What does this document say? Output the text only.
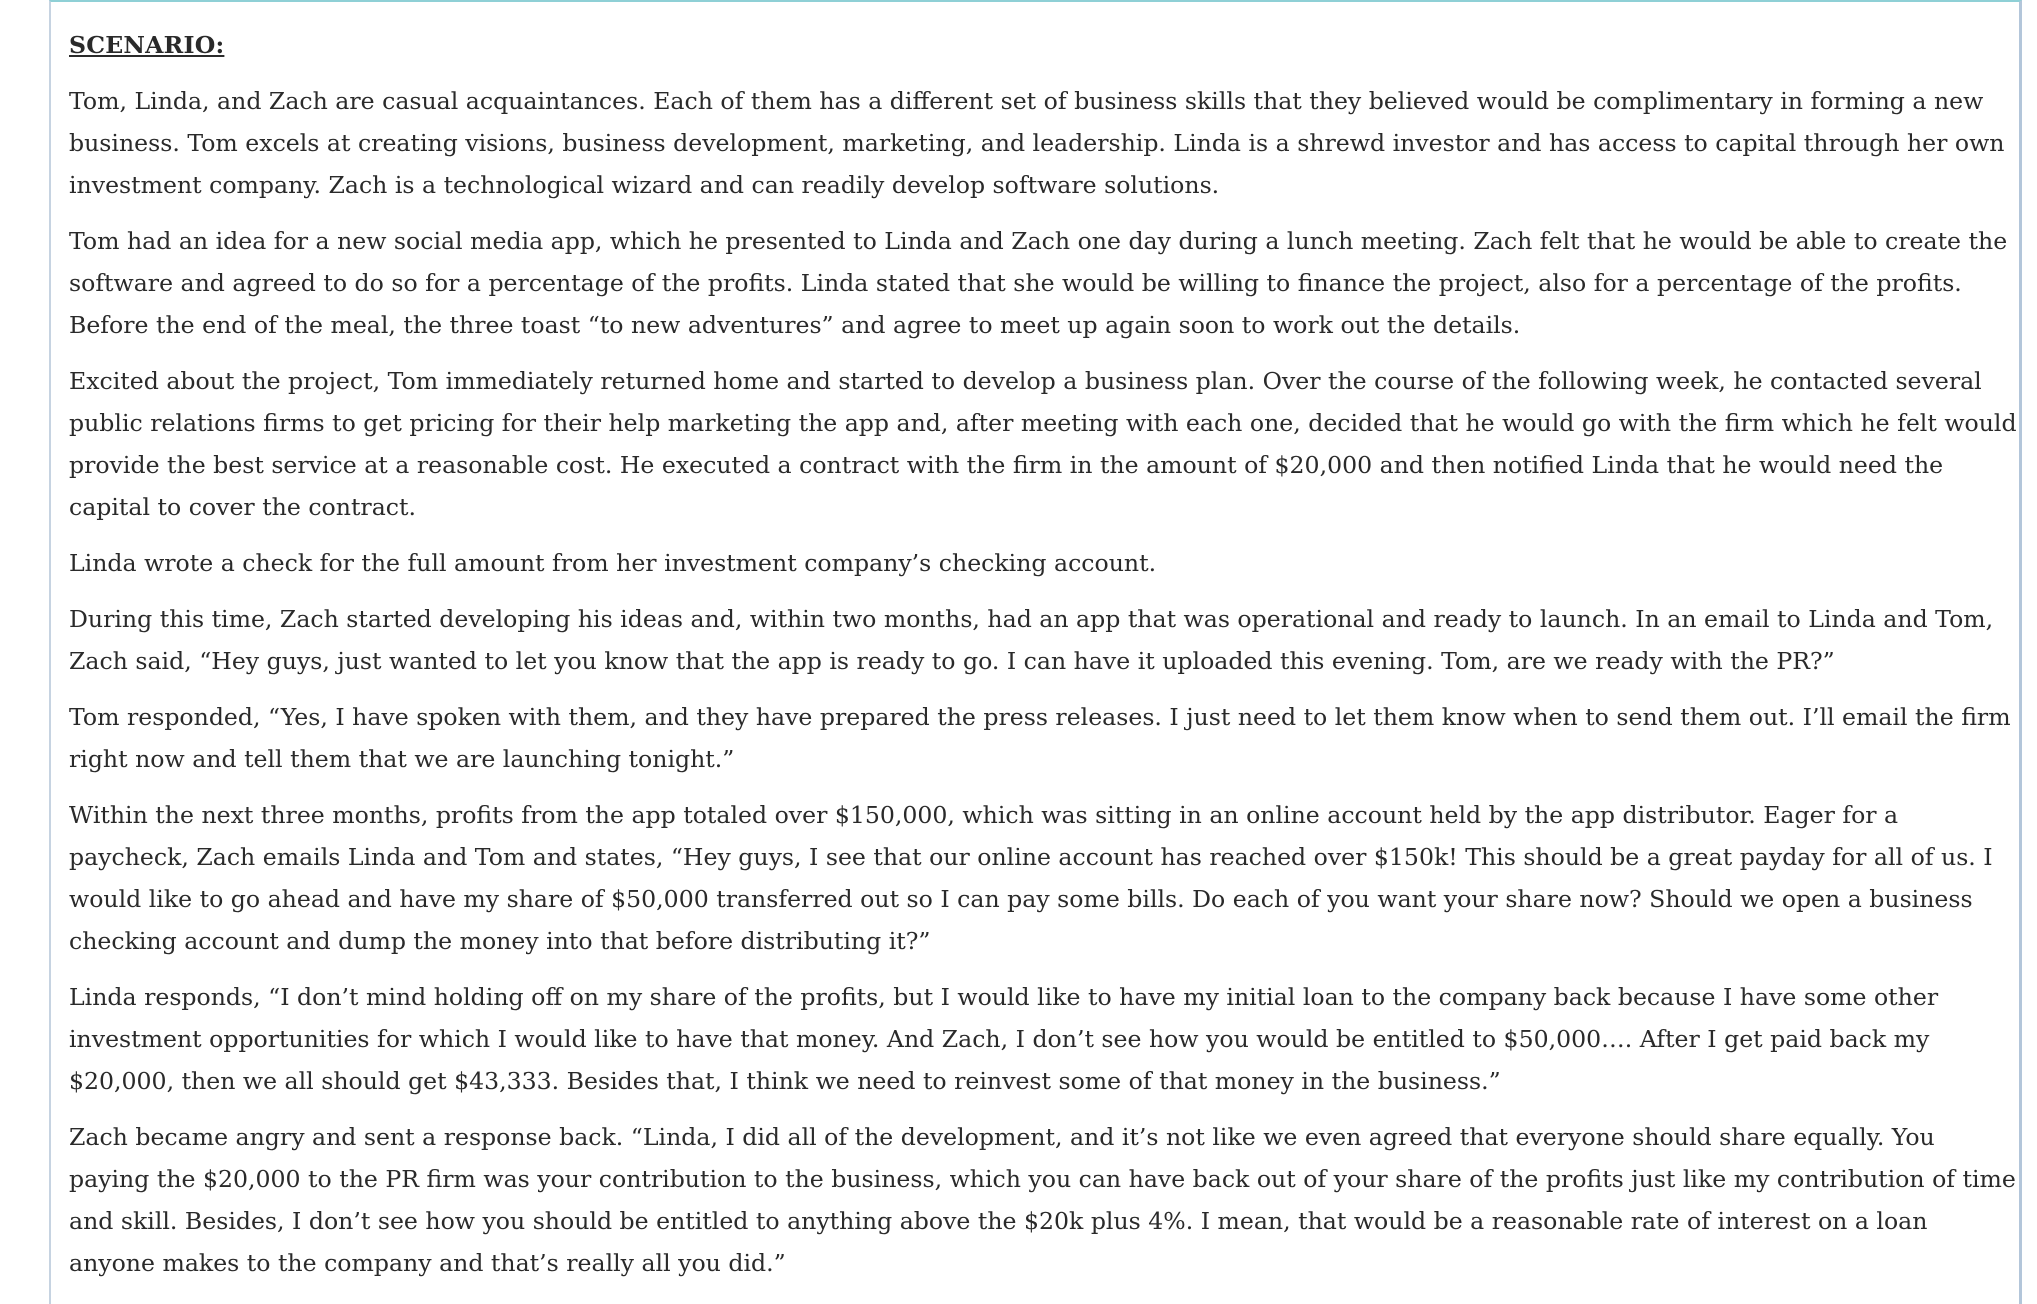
SCENARIO:

Tom, Linda, and Zach are casual acquaintances. Each of them has a different set of business skills that they believed would be complimentary in forming a new business. Tom excels at creating visions, business development, marketing, and leadership. Linda is a shrewd investor and has access to capital through her own investment company. Zach is a technological wizard and can readily develop software solutions.

Tom had an idea for a new social media app, which he presented to Linda and Zach one day during a lunch meeting. Zach felt that he would be able to create the software and agreed to do so for a percentage of the profits. Linda stated that she would be willing to finance the project, also for a percentage of the profits. Before the end of the meal, the three toast “to new adventures” and agree to meet up again soon to work out the details.

Excited about the project, Tom immediately returned home and started to develop a business plan. Over the course of the following week, he contacted several public relations firms to get pricing for their help marketing the app and, after meeting with each one, decided that he would go with the firm which he felt would provide the best service at a reasonable cost. He executed a contract with the firm in the amount of $20,000 and then notified Linda that he would need the capital to cover the contract.

Linda wrote a check for the full amount from her investment company’s checking account.

During this time, Zach started developing his ideas and, within two months, had an app that was operational and ready to launch. In an email to Linda and Tom, Zach said, “Hey guys, just wanted to let you know that the app is ready to go. I can have it uploaded this evening. Tom, are we ready with the PR?”

Tom responded, “Yes, I have spoken with them, and they have prepared the press releases. I just need to let them know when to send them out. I’ll email the firm right now and tell them that we are launching tonight.”

Within the next three months, profits from the app totaled over $150,000, which was sitting in an online account held by the app distributor. Eager for a paycheck, Zach emails Linda and Tom and states, “Hey guys, I see that our online account has reached over $150k! This should be a great payday for all of us. I would like to go ahead and have my share of $50,000 transferred out so I can pay some bills. Do each of you want your share now? Should we open a business checking account and dump the money into that before distributing it?”

Linda responds, “I don’t mind holding off on my share of the profits, but I would like to have my initial loan to the company back because I have some other investment opportunities for which I would like to have that money. And Zach, I don’t see how you would be entitled to $50,000…. After I get paid back my $20,000, then we all should get $43,333. Besides that, I think we need to reinvest some of that money in the business.”

Zach became angry and sent a response back. “Linda, I did all of the development, and it’s not like we even agreed that everyone should share equally. You paying the $20,000 to the PR firm was your contribution to the business, which you can have back out of your share of the profits just like my contribution of time and skill. Besides, I don’t see how you should be entitled to anything above the $20k plus 4%. I mean, that would be a reasonable rate of interest on a loan anyone makes to the company and that’s really all you did.”
